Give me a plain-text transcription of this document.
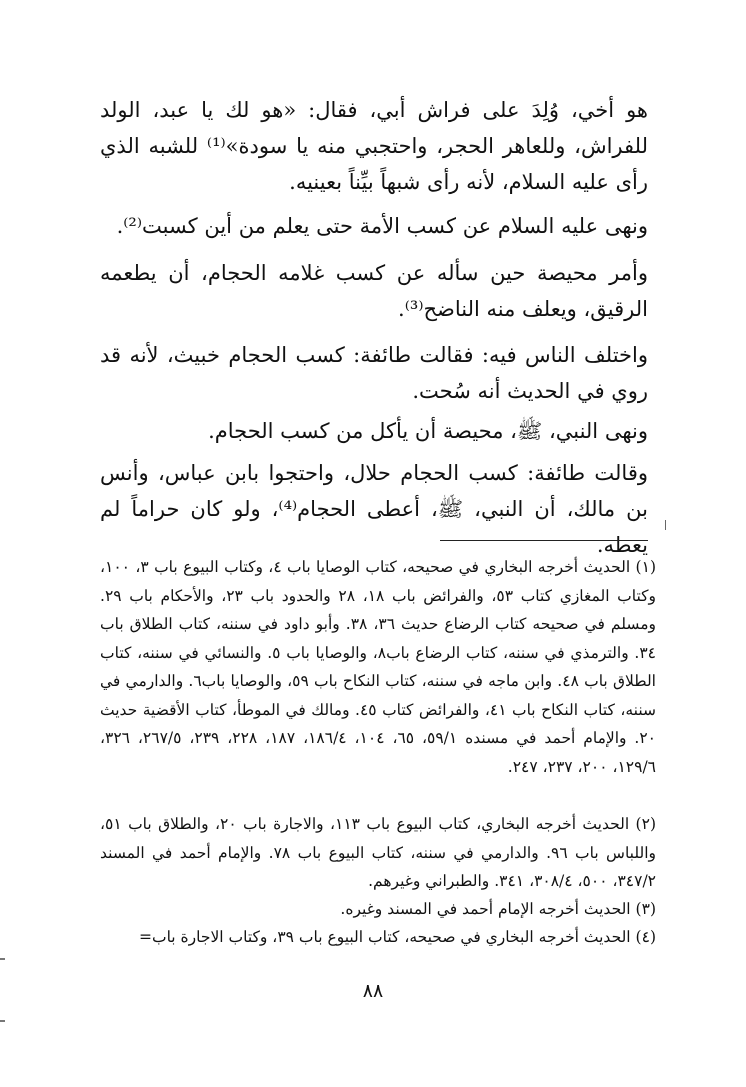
هو أخي، وُلِدَ على فراش أبي، فقال: «هو لك يا عبد، الولد للفراش، وللعاهر الحجر، واحتجبي منه يا سودة»⁽¹⁾ للشبه الذي رأى عليه السلام، لأنه رأى شبهاً بيِّناً بعينيه.

ونهى عليه السلام عن كسب الأمة حتى يعلم من أين كسبت⁽²⁾.

وأمر محيصة حين سأله عن كسب غلامه الحجام، أن يطعمه الرقيق، ويعلف منه الناضح⁽³⁾.

واختلف الناس فيه: فقالت طائفة: كسب الحجام خبيث، لأنه قد روي في الحديث أنه سُحت.

ونهى النبي، ﷺ، محيصة أن يأكل من كسب الحجام.

وقالت طائفة: كسب الحجام حلال، واحتجوا بابن عباس، وأنس بن مالك، أن النبي، ﷺ، أعطى الحجام⁽⁴⁾، ولو كان حراماً لم يعطه.

(١) الحديث أخرجه البخاري في صحيحه، كتاب الوصايا باب ٤، وكتاب البيوع باب ٣، ١٠٠، وكتاب المغازي كتاب ٥٣، والفرائض باب ١٨، ٢٨ والحدود باب ٢٣، والأحكام باب ٢٩. ومسلم في صحيحه كتاب الرضاع حديث ٣٦، ٣٨. وأبو داود في سننه، كتاب الطلاق باب ٣٤. والترمذي في سننه، كتاب الرضاع باب٨، والوصايا باب ٥. والنسائي في سننه، كتاب الطلاق باب ٤٨. وابن ماجه في سننه، كتاب النكاح باب ٥٩، والوصايا باب٦. والدارمي في سننه، كتاب النكاح باب ٤١، والفرائض كتاب ٤٥. ومالك في الموطأ، كتاب الأقضية حديث ٢٠. والإمام أحمد في مسنده ٥٩/١، ٦٥، ١٠٤، ١٨٦/٤، ١٨٧، ٢٢٨، ٢٣٩، ٢٦٧/٥، ٣٢٦، ١٢٩/٦، ٢٠٠، ٢٣٧، ٢٤٧.

(٢) الحديث أخرجه البخاري، كتاب البيوع باب ١١٣، والاجارة باب ٢٠، والطلاق باب ٥١، واللباس باب ٩٦. والدارمي في سننه، كتاب البيوع باب ٧٨. والإمام أحمد في المسند ٣٤٧/٢، ٥٠٠، ٣٠٨/٤، ٣٤١. والطبراني وغيرهم.

(٣) الحديث أخرجه الإمام أحمد في المسند وغيره.

(٤) الحديث أخرجه البخاري في صحيحه، كتاب البيوع باب ٣٩، وكتاب الاجارة باب=

٨٨
